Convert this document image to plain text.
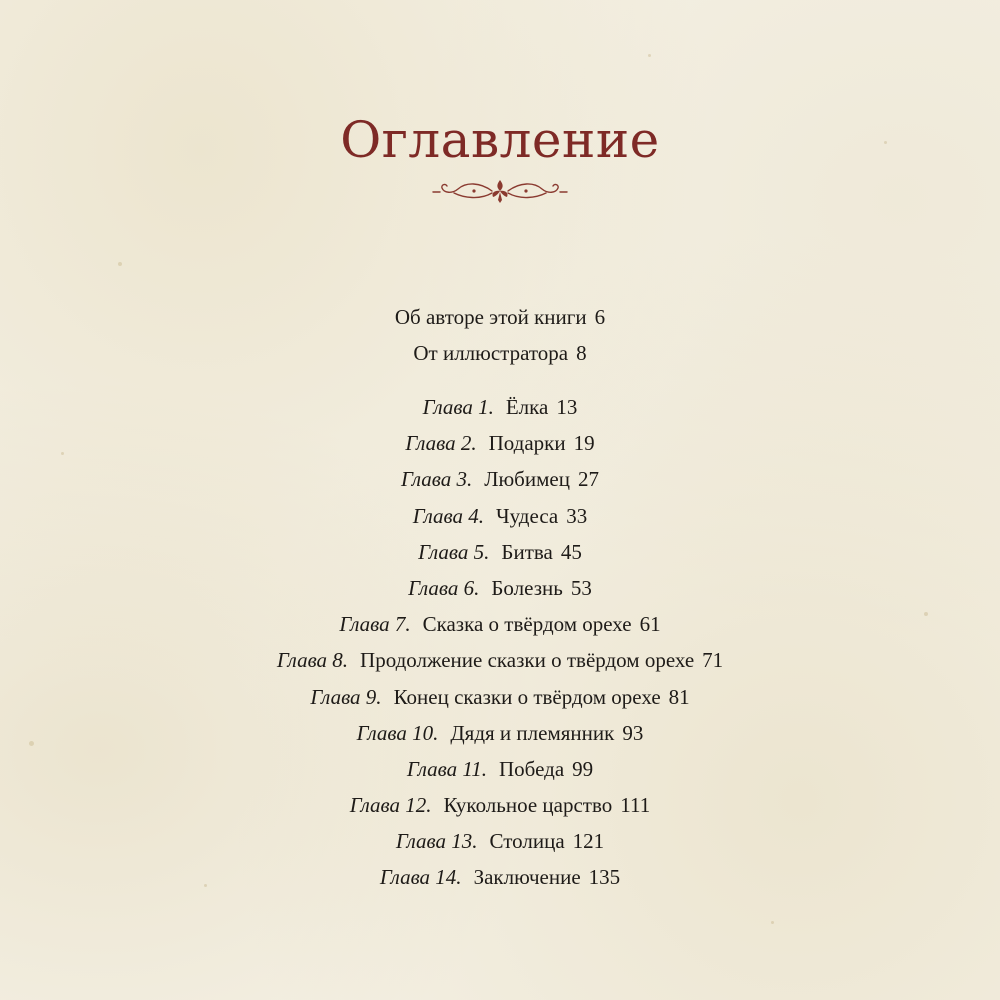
Оглавление
Об авторе этой книги 6
От иллюстратора 8
Глава 1. Ёлка 13
Глава 2. Подарки 19
Глава 3. Любимец 27
Глава 4. Чудеса 33
Глава 5. Битва 45
Глава 6. Болезнь 53
Глава 7. Сказка о твёрдом орехе 61
Глава 8. Продолжение сказки о твёрдом орехе 71
Глава 9. Конец сказки о твёрдом орехе 81
Глава 10. Дядя и племянник 93
Глава 11. Победа 99
Глава 12. Кукольное царство 111
Глава 13. Столица 121
Глава 14. Заключение 135
